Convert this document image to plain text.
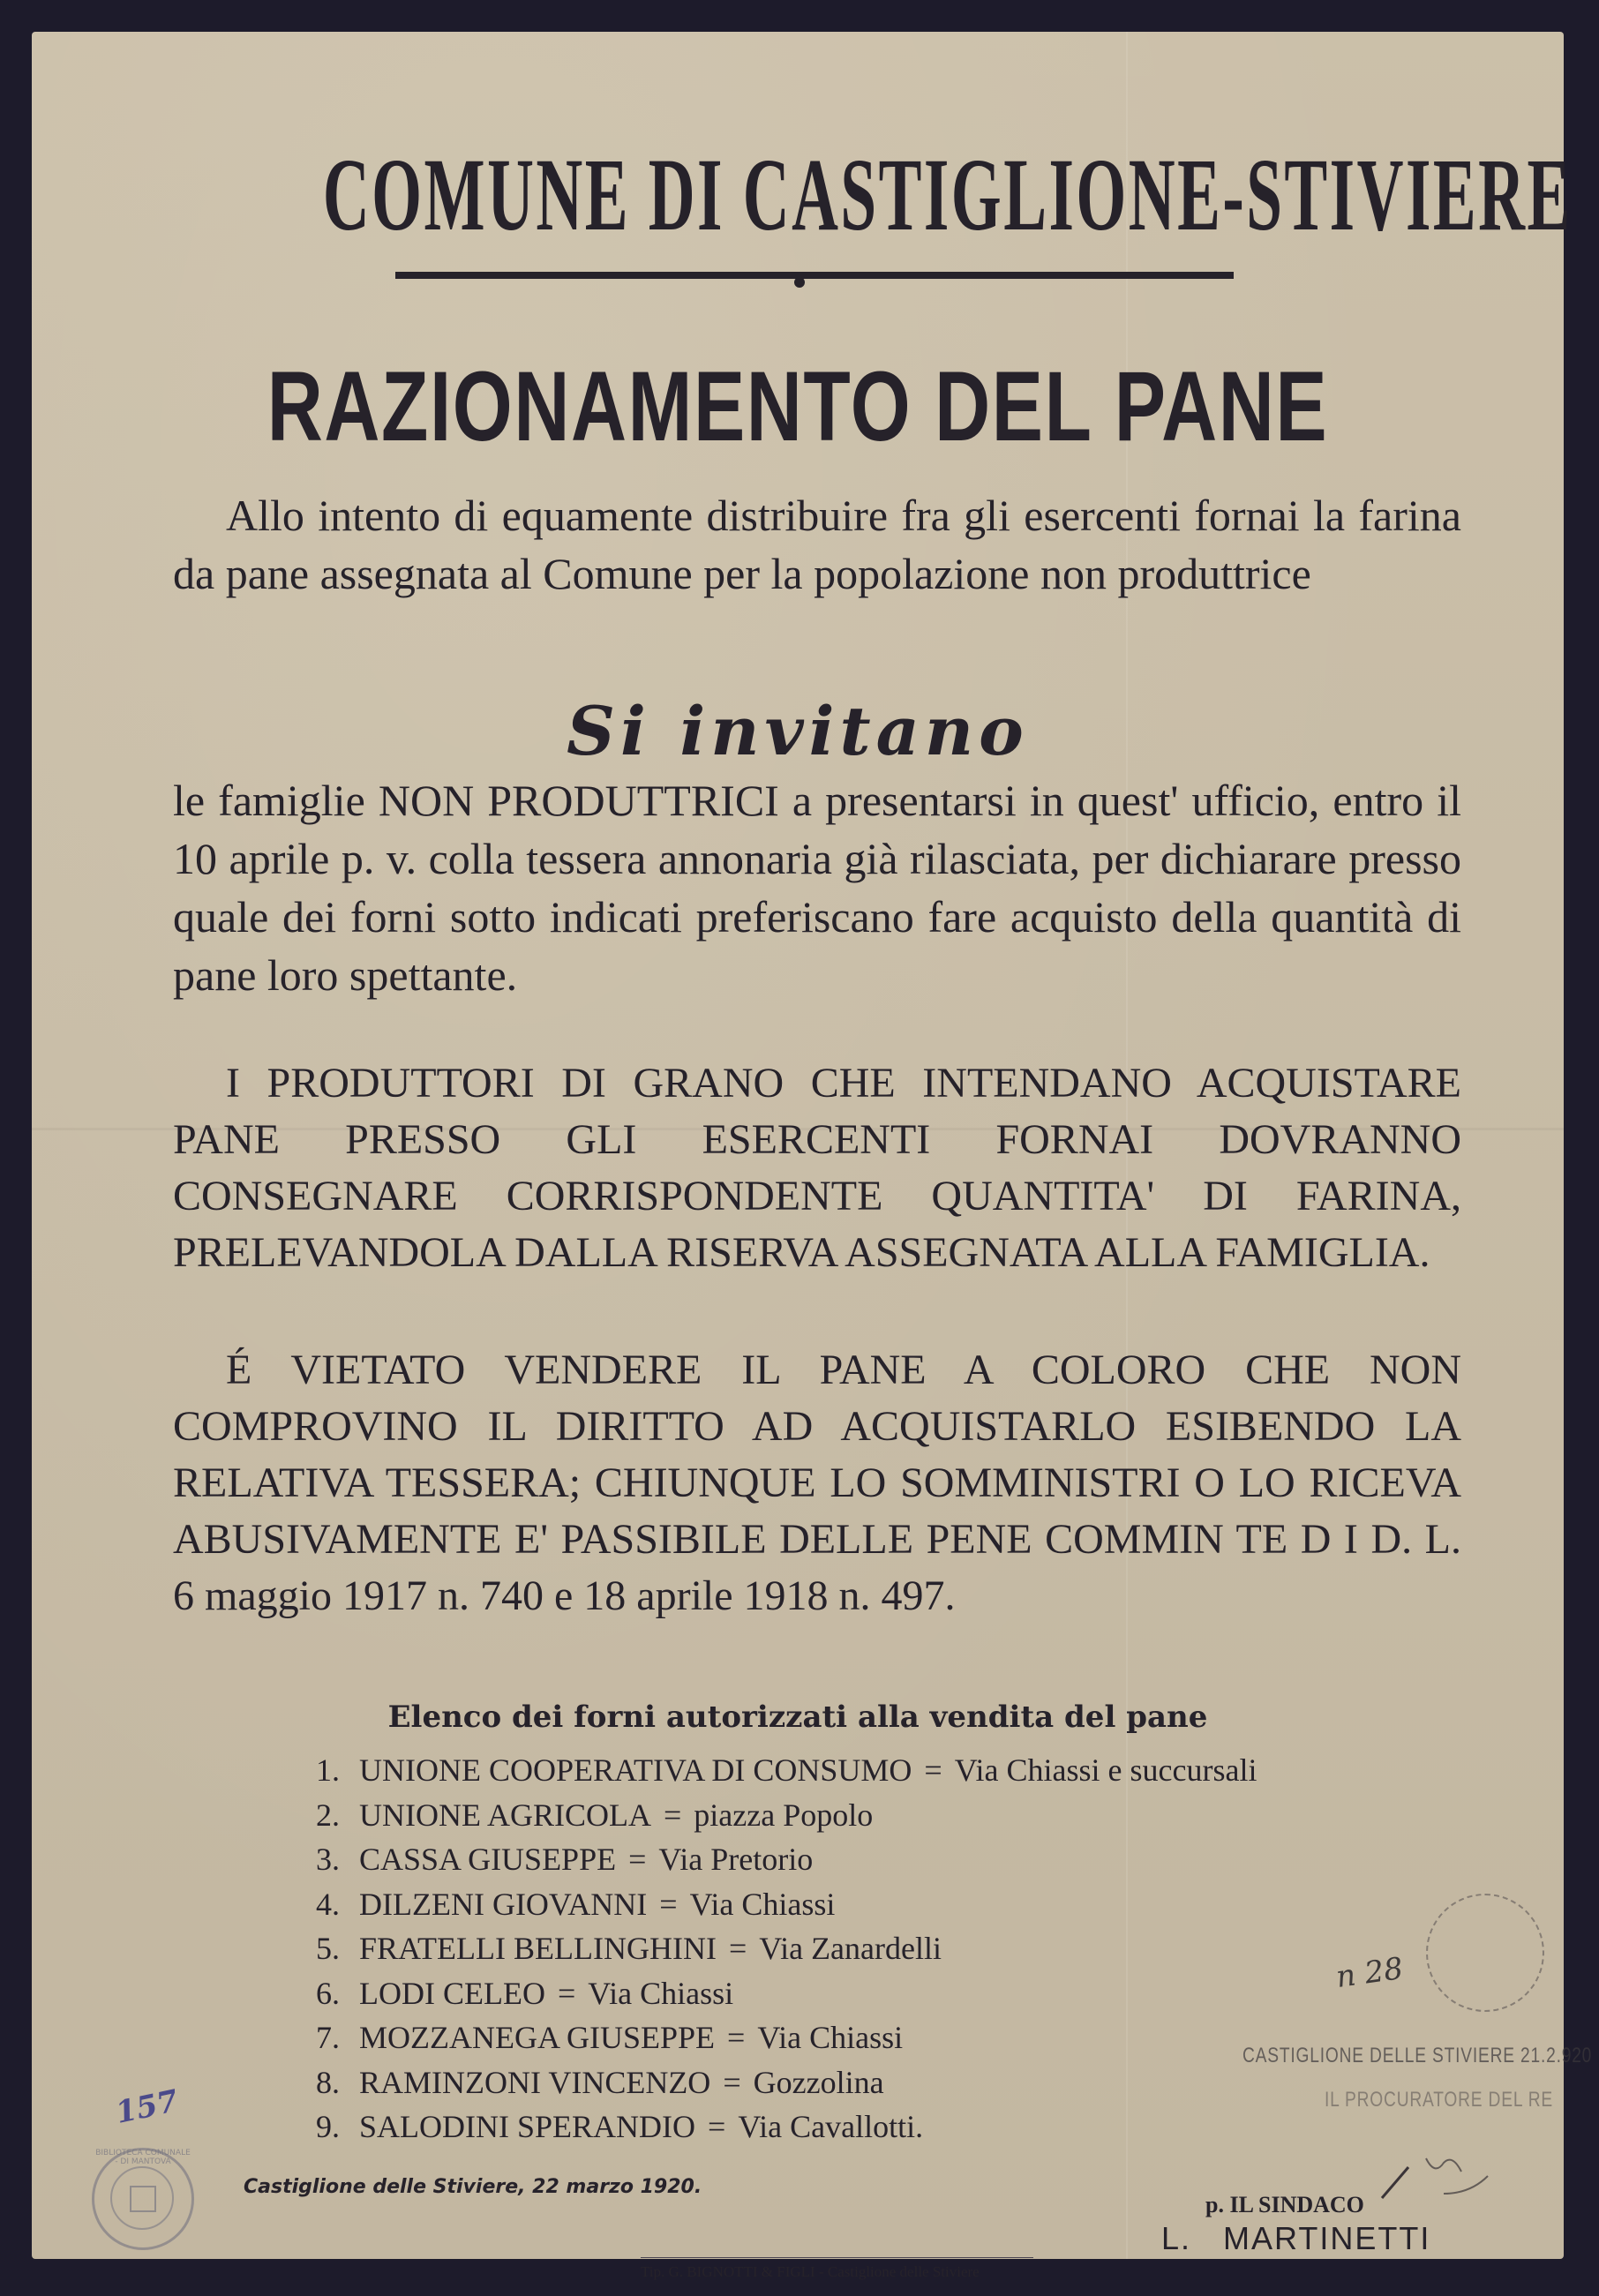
COMUNE DI CASTIGLIONE-STIVIERE
RAZIONAMENTO DEL PANE
Allo intento di equamente distribuire fra gli esercenti fornai la farina da pane assegnata al Comune per la popolazione non produttrice
Si invitano
le famiglie NON PRODUTTRICI a presentarsi in quest' ufficio, entro il 10 aprile p. v. colla tessera annonaria già rilasciata, per dichiarare presso quale dei forni sotto indicati preferiscano fare acquisto della quantità di pane loro spettante.
I PRODUTTORI DI GRANO CHE INTENDANO ACQUISTARE PANE PRESSO GLI ESERCENTI FORNAI DOVRANNO CONSEGNARE CORRISPONDENTE QUANTITA' DI FARINA, PRELEVANDOLA DALLA RISERVA ASSEGNATA ALLA FAMIGLIA.
É VIETATO VENDERE IL PANE A COLORO CHE NON COMPROVINO IL DIRITTO AD ACQUISTARLO ESIBENDO LA RELATIVA TESSERA; CHIUNQUE LO SOMMINISTRI O LO RICEVA ABUSIVAMENTE E' PASSIBILE DELLE PENE COMMIN TE D I D. L. 6 maggio 1917 n. 740 e 18 aprile 1918 n. 497.
Elenco dei forni autorizzati alla vendita del pane
1. UNIONE COOPERATIVA DI CONSUMO = Via Chiassi e succursali
2. UNIONE AGRICOLA = piazza Popolo
3. CASSA GIUSEPPE = Via Pretorio
4. DILZENI GIOVANNI = Via Chiassi
5. FRATELLI BELLINGHINI = Via Zanardelli
6. LODI CELEO = Via Chiassi
7. MOZZANEGA GIUSEPPE = Via Chiassi
8. RAMINZONI VINCENZO = Gozzolina
9. SALODINI SPERANDIO = Via Cavallotti.
Castiglione delle Stiviere, 22 marzo 1920.
p. IL SINDACO
L.   MARTINETTI
Tip. G. BIGNOTTI & FIGLI - Castiglione delle Stiviere
157
BIBLIOTECA COMUNALE - DI MANTOVA
n 28
CASTIGLIONE DELLE STIVIERE 21.2.920
IL PROCURATORE DEL RE
